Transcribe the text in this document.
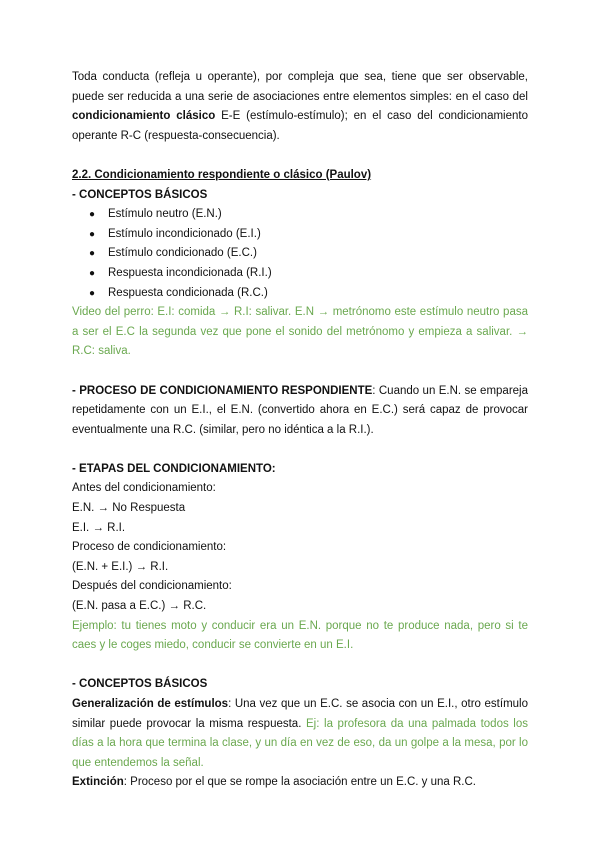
Toda conducta (refleja u operante), por compleja que sea, tiene que ser observable, puede ser reducida a una serie de asociaciones entre elementos simples: en el caso del condicionamiento clásico E-E (estímulo-estímulo); en el caso del condicionamiento operante R-C (respuesta-consecuencia).

2.2. Condicionamiento respondiente o clásico (Paulov)

- CONCEPTOS BÁSICOS

● Estímulo neutro (E.N.)
● Estímulo incondicionado (E.I.)
● Estímulo condicionado (E.C.)
● Respuesta incondicionada (R.I.)
● Respuesta condicionada (R.C.)

Video del perro: E.I: comida → R.I: salivar. E.N → metrónomo este estímulo neutro pasa a ser el E.C la segunda vez que pone el sonido del metrónomo y empieza a salivar. → R.C: saliva.

- PROCESO DE CONDICIONAMIENTO RESPONDIENTE: Cuando un E.N. se empareja repetidamente con un E.I., el E.N. (convertido ahora en E.C.) será capaz de provocar eventualmente una R.C. (similar, pero no idéntica a la R.I.).

- ETAPAS DEL CONDICIONAMIENTO:

Antes del condicionamiento:

E.N. → No Respuesta

E.I. → R.I.

Proceso de condicionamiento:

(E.N. + E.I.) → R.I.

Después del condicionamiento:

(E.N. pasa a E.C.) → R.C.

Ejemplo: tu tienes moto y conducir era un E.N. porque no te produce nada, pero si te caes y le coges miedo, conducir se convierte en un E.I.

- CONCEPTOS BÁSICOS

Generalización de estímulos: Una vez que un E.C. se asocia con un E.I., otro estímulo similar puede provocar la misma respuesta. Ej: la profesora da una palmada todos los días a la hora que termina la clase, y un día en vez de eso, da un golpe a la mesa, por lo que entendemos la señal.

Extinción: Proceso por el que se rompe la asociación entre un E.C. y una R.C.
